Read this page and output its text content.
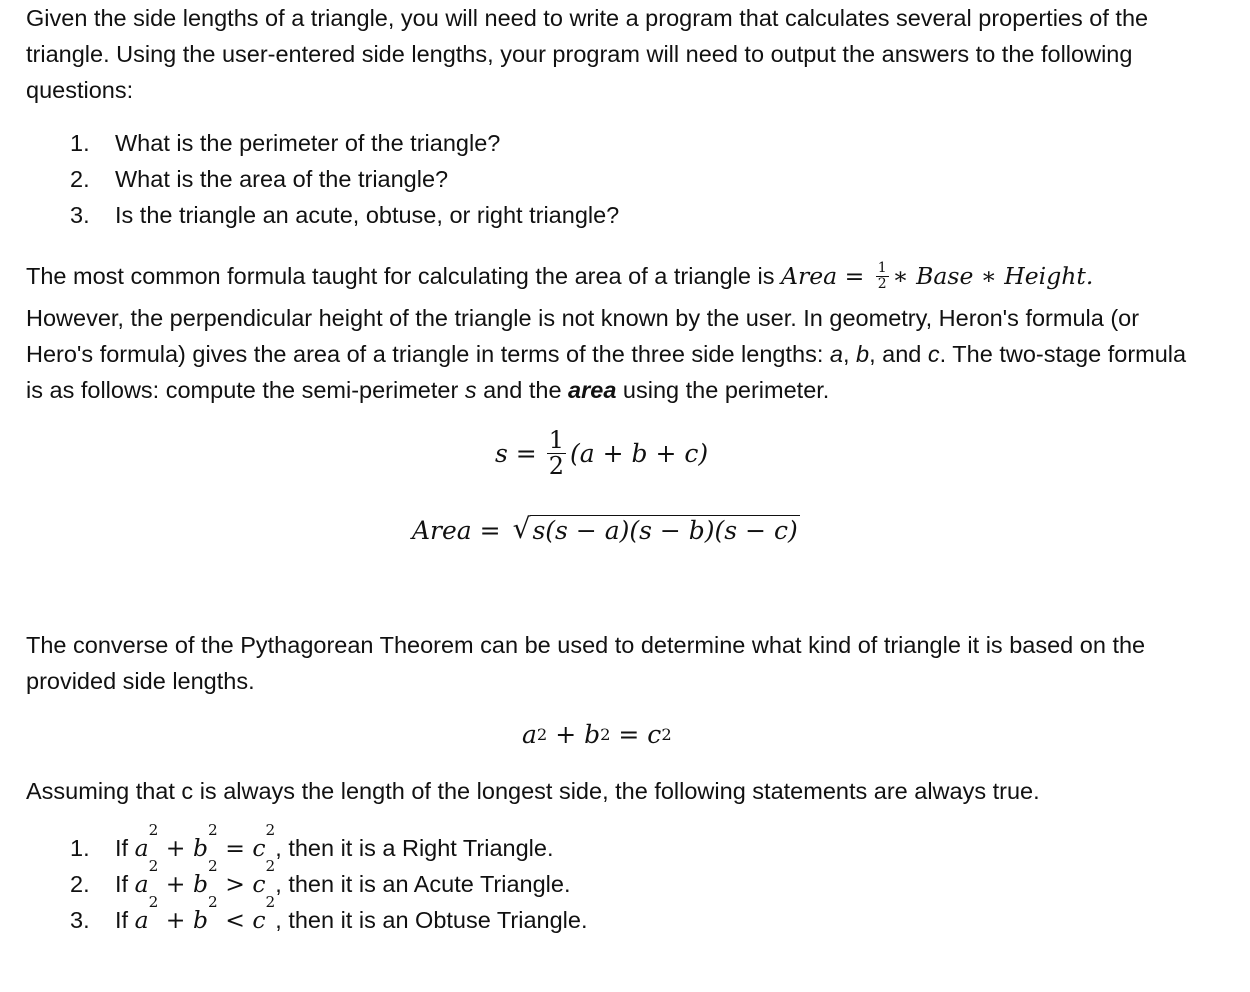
Given the side lengths of a triangle, you will need to write a program that calculates several properties of the triangle. Using the user-entered side lengths, your program will need to output the answers to the following questions:

1.	What is the perimeter of the triangle?
2.	What is the area of the triangle?
3.	Is the triangle an acute, obtuse, or right triangle?
The most common formula taught for calculating the area of a triangle is Area = $\frac{1}{2}$ ∗ Base ∗ Height.
However, the perpendicular height of the triangle is not known by the user. In geometry, Heron's formula (or Hero's formula) gives the area of a triangle in terms of the three side lengths: a, b, and c. The two-stage formula is as follows: compute the semi-perimeter s and the area using the perimeter.
$s = \frac{1}{2} (a + b + c)$
Area = √ s(s − a)(s − b)(s − c)

The converse of the Pythagorean Theorem can be used to determine what kind of triangle it is based on the provided side lengths.

a 2 + b 2 = c 2

Assuming that c is always the length of the longest side, the following statements are always true.

1.	If a
2
+ b
2
= c
2
, then it is a Right Triangle.
2.	If a
2
+ b
2
> c
2
, then it is an Acute Triangle.
3.	If a
2
+ b
2
< c
2
, then it is an Obtuse Triangle.
